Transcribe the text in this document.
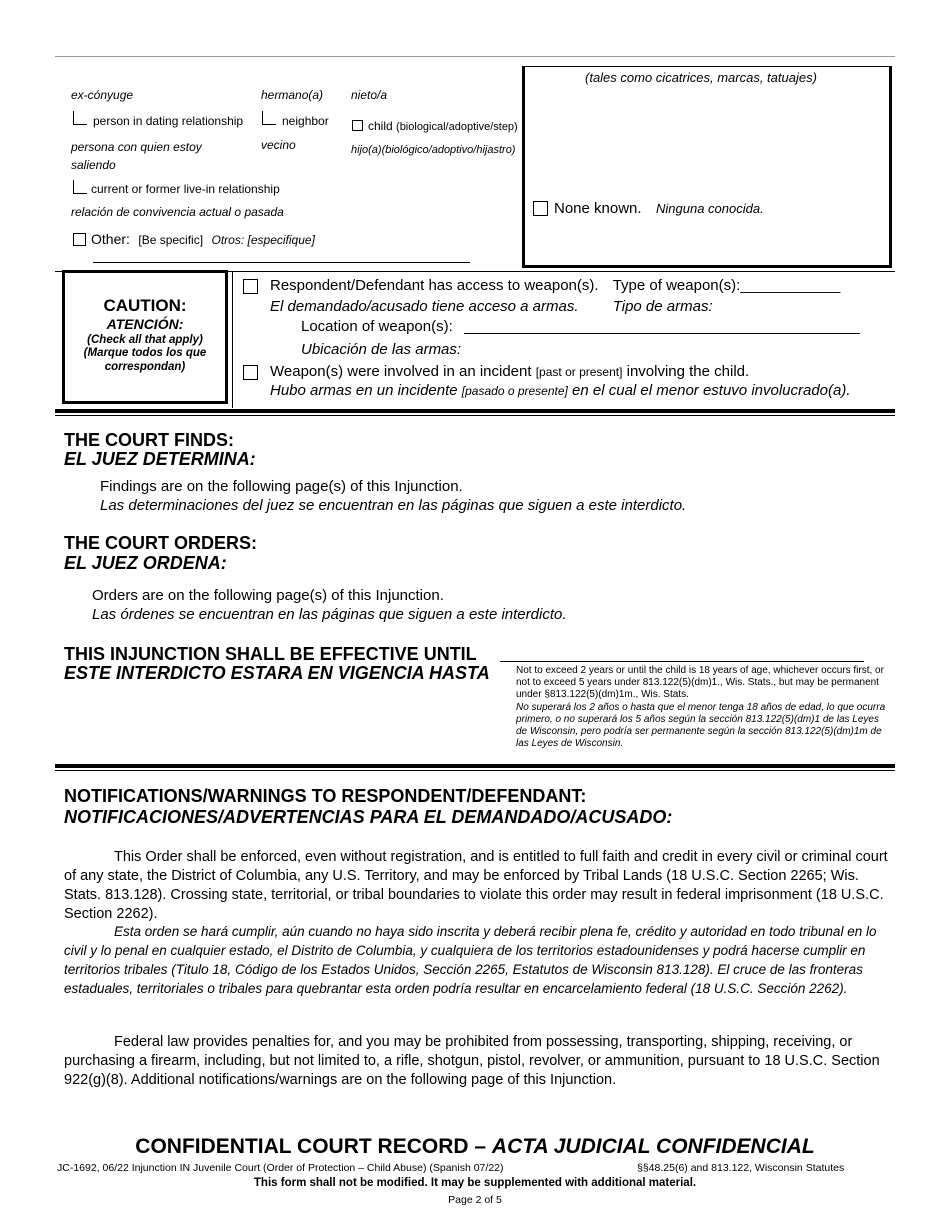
ex-cónyuge	hermano(a) nieto/a
person in dating relationship	neighbor	child (biological/adoptive/step)
persona con quien estoy
saliendo
vecino	hijo(a)(biológico/adoptivo/hijastro)
current or former live-in relationship
relación de convivencia actual o pasada
Other: [Be specific] Otros: [especifique]
(tales como cicatrices, marcas, tatuajes)
None known. Ninguna conocida.
CAUTION:
ATENCIÓN:
(Check all that apply)
(Marque todos los que correspondan)
Respondent/Defendant has access to weapon(s). Type of weapon(s):____________
El demandado/acusado tiene acceso a armas. Tipo de armas:
Location of weapon(s):
Ubicación de las armas:
Weapon(s) were involved in an incident [past or present] involving the child.
Hubo armas en un incidente [pasado o presente] en el cual el menor estuvo involucrado(a).
THE COURT FINDS:
EL JUEZ DETERMINA:
Findings are on the following page(s) of this Injunction.
Las determinaciones del juez se encuentran en las páginas que siguen a este interdicto.
THE COURT ORDERS:
EL JUEZ ORDENA:
Orders are on the following page(s) of this Injunction.
Las órdenes se encuentran en las páginas que siguen a este interdicto.
THIS INJUNCTION SHALL BE EFFECTIVE UNTIL
ESTE INTERDICTO ESTARA EN VIGENCIA HASTA	Not to exceed 2 years or until the child is 18 years of age, whichever occurs first, or not to exceed 5 years under 813.122(5)(dm)1., Wis. Stats., but may be permanent under §813.122(5)(dm)1m., Wis. Stats.
No superará los 2 años o hasta que el menor tenga 18 años de edad, lo que ocurra primero, o no superará los 5 años según la sección 813.122(5)(dm)1 de las Leyes de Wisconsin, pero podría ser permanente según la sección 813.122(5)(dm)1m de las Leyes de Wisconsin.
NOTIFICATIONS/WARNINGS TO RESPONDENT/DEFENDANT:
NOTIFICACIONES/ADVERTENCIAS PARA EL DEMANDADO/ACUSADO:
This Order shall be enforced, even without registration, and is entitled to full faith and credit in every civil or criminal court of any state, the District of Columbia, any U.S. Territory, and may be enforced by Tribal Lands (18 U.S.C. Section 2265; Wis. Stats. 813.128). Crossing state, territorial, or tribal boundaries to violate this order may result in federal imprisonment (18 U.S.C. Section 2262).
Esta orden se hará cumplir, aún cuando no haya sido inscrita y deberá recibir plena fe, crédito y autoridad en todo tribunal en lo civil y lo penal en cualquier estado, el Distrito de Columbia, y cualquiera de los territorios estadounidenses y podrá hacerse cumplir en territorios tribales (Titulo 18, Código de los Estados Unidos, Sección 2265, Estatutos de Wisconsin 813.128). El cruce de las fronteras estaduales, territoriales o tribales para quebrantar esta orden podría resultar en encarcelamiento federal (18 U.S.C. Sección 2262).
Federal law provides penalties for, and you may be prohibited from possessing, transporting, shipping, receiving, or purchasing a firearm, including, but not limited to, a rifle, shotgun, pistol, revolver, or ammunition, pursuant to 18 U.S.C. Section 922(g)(8). Additional notifications/warnings are on the following page of this Injunction.
CONFIDENTIAL COURT RECORD – ACTA JUDICIAL CONFIDENCIAL
JC-1692, 06/22 Injunction IN Juvenile Court (Order of Protection – Child Abuse) (Spanish 07/22)	§§48.25(6) and 813.122, Wisconsin Statutes
This form shall not be modified. It may be supplemented with additional material.
Page 2 of 5
